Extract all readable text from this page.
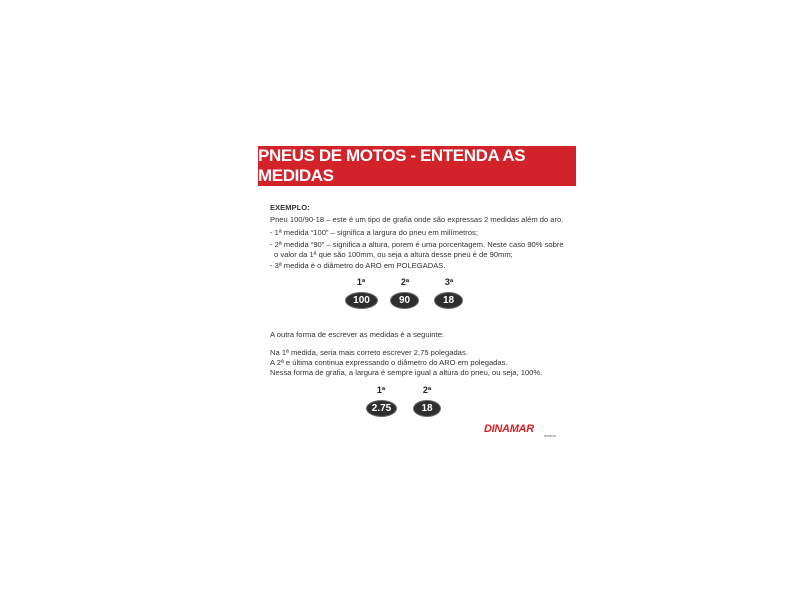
PNEUS DE MOTOS - ENTENDA AS MEDIDAS
EXEMPLO:
Pneu 100/90-18 – este é um tipo de grafia onde são expressas 2 medidas além do aro.
- 1ª medida “100” – significa a largura do pneu em milímetros;
- 2ª medida “90” – significa a altura, porem é uma porcentagem. Neste caso 90% sobre
o valor da 1ª que são 100mm, ou seja a altura desse pneu é de 90mm;
- 3ª medida é o diâmetro do ARO em POLEGADAS.
1ª	2ª	3ª
100	90	18
A outra forma de escrever as medidas é a seguinte:
Na 1ª medida, seria mais correto escrever 2,75 polegadas.
A 2ª e última continua expressando o diâmetro do ARO em polegadas.
Nessa forma de grafia, a largura é sempre igual a altura do pneu, ou seja, 100%.
1ª	2ª
2.75	18
DINAMAR
motos
